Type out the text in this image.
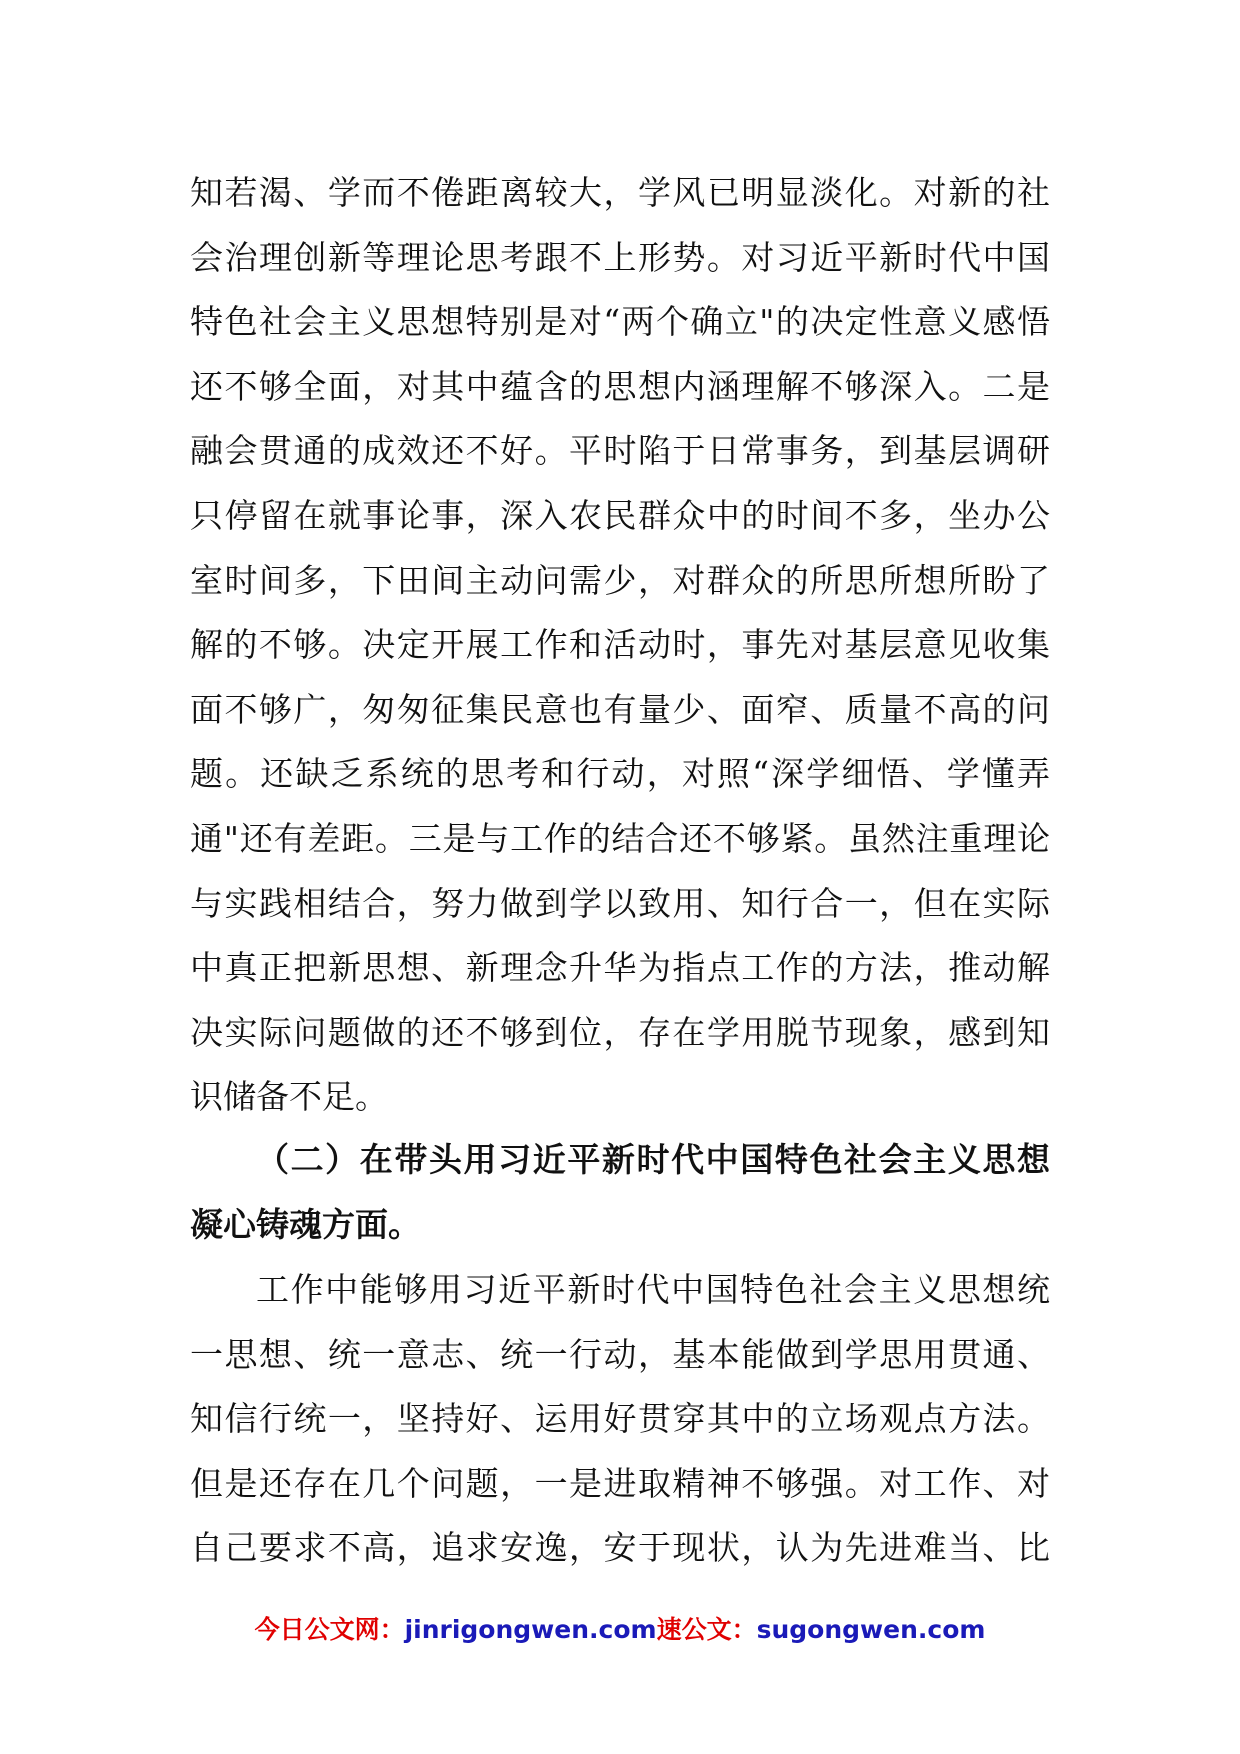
知若渴、学而不倦距离较大，学风已明显淡化。对新的社
会治理创新等理论思考跟不上形势。对习近平新时代中国
特色社会主义思想特别是对“两个确立"的决定性意义感悟
还不够全面，对其中蕴含的思想内涵理解不够深入。二是
融会贯通的成效还不好。平时陷于日常事务，到基层调研
只停留在就事论事，深入农民群众中的时间不多，坐办公
室时间多，下田间主动问需少，对群众的所思所想所盼了
解的不够。决定开展工作和活动时，事先对基层意见收集
面不够广，匆匆征集民意也有量少、面窄、质量不高的问
题。还缺乏系统的思考和行动，对照“深学细悟、学懂弄
通"还有差距。三是与工作的结合还不够紧。虽然注重理论
与实践相结合，努力做到学以致用、知行合一，但在实际
中真正把新思想、新理念升华为指点工作的方法，推动解
决实际问题做的还不够到位，存在学用脱节现象，感到知
识储备不足。
（二）在带头用习近平新时代中国特色社会主义思想
凝心铸魂方面。
工作中能够用习近平新时代中国特色社会主义思想统
一思想、统一意志、统一行动，基本能做到学思用贯通、
知信行统一，坚持好、运用好贯穿其中的立场观点方法。
但是还存在几个问题，一是进取精神不够强。对工作、对
自己要求不高，追求安逸，安于现状，认为先进难当、比
今日公文网：jinrigongwen.com速公文：sugongwen.com
